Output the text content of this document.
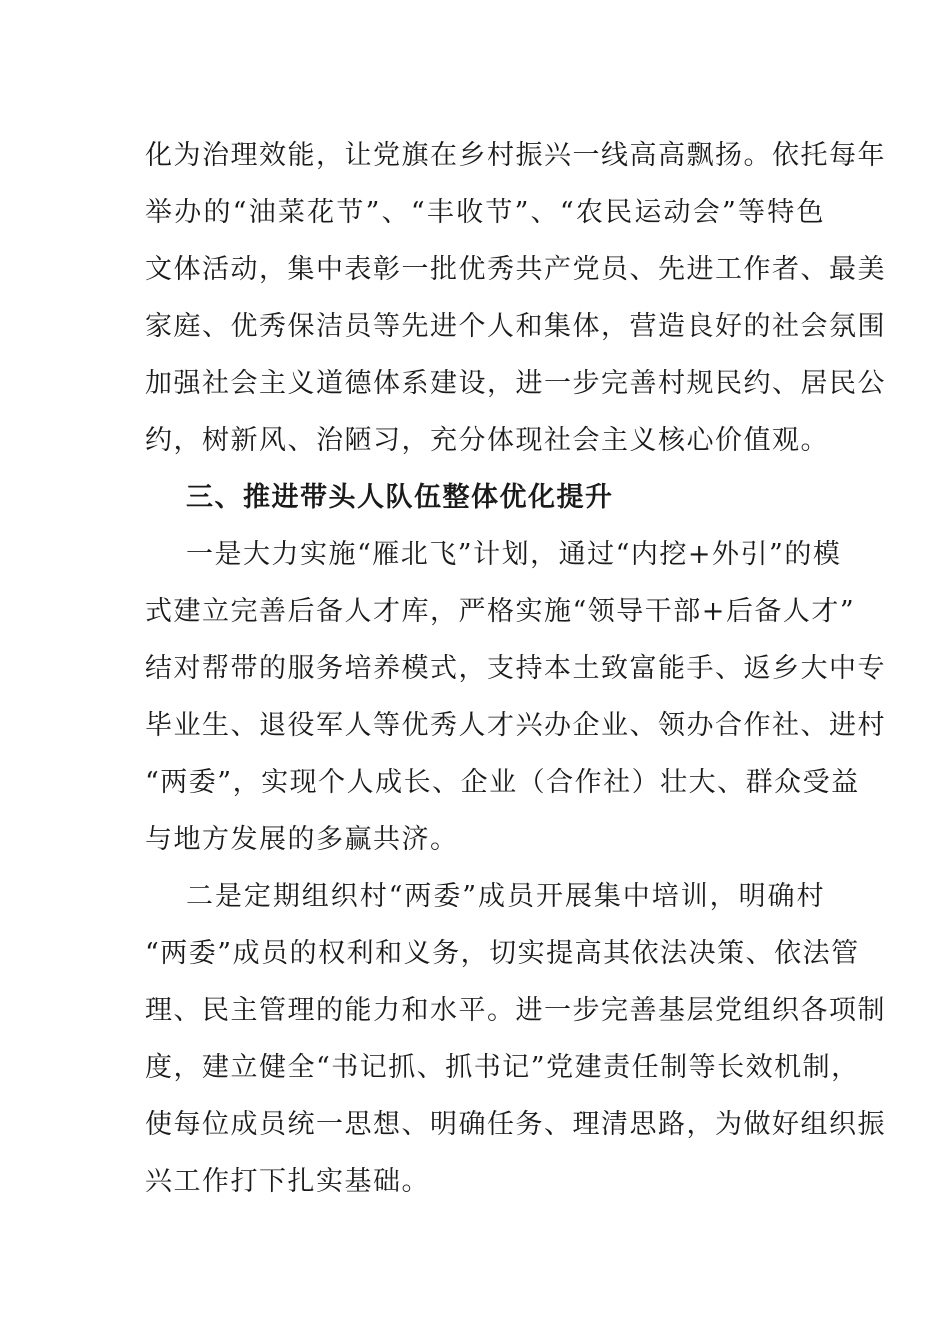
化为治理效能，让党旗在乡村振兴一线高高飘扬。依托每年
举办的“油菜花节”、“丰收节”、“农民运动会”等特色
文体活动，集中表彰一批优秀共产党员、先进工作者、最美
家庭、优秀保洁员等先进个人和集体，营造良好的社会氛围
加强社会主义道德体系建设，进一步完善村规民约、居民公
约，树新风、治陋习，充分体现社会主义核心价值观。
三、推进带头人队伍整体优化提升
一是大力实施“雁北飞”计划，通过“内挖+外引”的模
式建立完善后备人才库，严格实施“领导干部+后备人才”
结对帮带的服务培养模式，支持本土致富能手、返乡大中专
毕业生、退役军人等优秀人才兴办企业、领办合作社、进村
“两委”，实现个人成长、企业（合作社）壮大、群众受益
与地方发展的多赢共济。
二是定期组织村“两委”成员开展集中培训，明确村
“两委”成员的权利和义务，切实提高其依法决策、依法管
理、民主管理的能力和水平。进一步完善基层党组织各项制
度，建立健全“书记抓、抓书记”党建责任制等长效机制，
使每位成员统一思想、明确任务、理清思路，为做好组织振
兴工作打下扎实基础。
